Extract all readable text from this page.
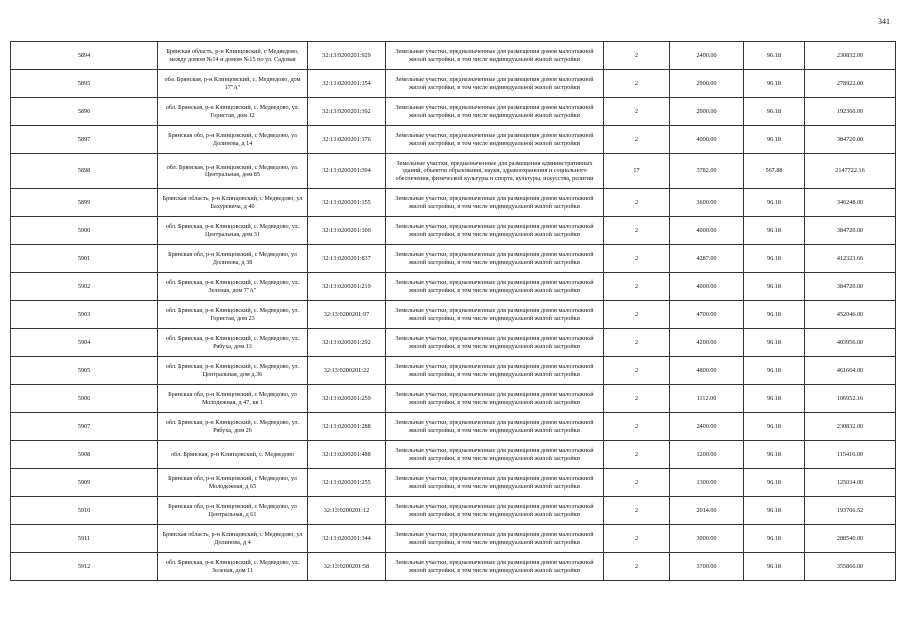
341
5894	Брянская область, р-н Клинцовский, с Медведово, между домом №14 и домом №15 по ул. Садовая	32:13:0200201:929	Земельные участки, предназначенные для размещения домов малоэтажной жилой застройки, в том числе индивидуальной жилой застройки	2	2400.00	96.18	230832.00
5895	обл. Брянская, р-н Клинцовский, с. Медведово, дом 17"А"	32:13:0200201:354	Земельные участки, предназначенные для размещения домов малоэтажной жилой застройки, в том числе индивидуальной жилой застройки	2	2900.00	96.18	278922.00
5896	обл. Брянская, р-н Клинцовский, с. Медведово, ул. Гористая, дом 12	32:13:0200201:392	Земельные участки, предназначенные для размещения домов малоэтажной жилой застройки, в том числе индивидуальной жилой застройки	2	2000.00	96.18	192360.00
5897	Брянская обл, р-н Клинцовский, с Медведово, ул Долинова, д 14	32:13:0200201:176	Земельные участки, предназначенные для размещения домов малоэтажной жилой застройки, в том числе индивидуальной жилой застройки	2	4000.00	96.18	384720.00
5898	обл. Брянская, р-н Клинцовский, с Медведово, ул. Центральная, дом 85	32:13:0200201:394	Земельные участки, предназначенные для размещения административных зданий, объектов образования, науки, здравоохранения и социального обеспечения, физической культуры и спорта, культуры, искусства, религии	17	3782.00	567.88	2147722.16
5899	Брянская область, р-н Клинцовский, с Медведово, ул Бахуревича, д 40	32:13:0200201:155	Земельные участки, предназначенные для размещения домов малоэтажной жилой застройки, в том числе индивидуальной жилой застройки	2	3600.00	96.18	346248.00
5900	обл. Брянская, р-н Клинцовский, с. Медведово, ул. Центральная, дом 31	32:13:0200201:100	Земельные участки, предназначенные для размещения домов малоэтажной жилой застройки, в том числе индивидуальной жилой застройки	2	4000.00	96.18	384720.00
5901	Брянская обл, р-н Клинцовский, с Медведово, ул Долинова, д 38	32:13:0200201:837	Земельные участки, предназначенные для размещения домов малоэтажной жилой застройки, в том числе индивидуальной жилой застройки	2	4287.00	96.18	412323.66
5902	обл. Брянская, р-н Клинцовский, с. Медведово, ул. Зеленая, дом 7"А"	32:13:0200201:219	Земельные участки, предназначенные для размещения домов малоэтажной жилой застройки, в том числе индивидуальной жилой застройки	2	4000.00	96.18	384720.00
5903	обл. Брянская, р-н Клинцовский, с. Медведово, ул. Гористая, дом 23	32:13:0200201:97	Земельные участки, предназначенные для размещения домов малоэтажной жилой застройки, в том числе индивидуальной жилой застройки	2	4700.00	96.18	452046.00
5904	обл. Брянская, р-н Клинцовский, с. Медведово, ул. Рябуха, дом 13	32:13:0200201:292	Земельные участки, предназначенные для размещения домов малоэтажной жилой застройки, в том числе индивидуальной жилой застройки	2	4200.00	96.18	403956.00
5905	обл. Брянская, р-н Клинцовский, с. Медведово, ул. Центральная, дом д.36	32:13:0200201:22	Земельные участки, предназначенные для размещения домов малоэтажной жилой застройки, в том числе индивидуальной жилой застройки	2	4800.00	96.18	461664.00
5906	Брянская обл, р-н Клинцовский, с Медведово, ул Молодежная, д 47, кв 1	32:13:0200201:259	Земельные участки, предназначенные для размещения домов малоэтажной жилой застройки, в том числе индивидуальной жилой застройки	2	1112.00	96.18	106952.16
5907	обл. Брянская, р-н Клинцовский, с. Медведово, ул. Рябуха, дом 26	32:13:0200201:288	Земельные участки, предназначенные для размещения домов малоэтажной жилой застройки, в том числе индивидуальной жилой застройки	2	2400.00	96.18	230832.00
5908	обл. Брянская, р-н Клинцовский, с. Медведово	32:13:0200201:488	Земельные участки, предназначенные для размещения домов малоэтажной жилой застройки, в том числе индивидуальной жилой застройки	2	1200.00	96.18	115416.00
5909	Брянская обл, р-н Клинцовский, с Медведово, ул Молодежная, д 65	32:13:0200201:255	Земельные участки, предназначенные для размещения домов малоэтажной жилой застройки, в том числе индивидуальной жилой застройки	2	1300.00	96.18	125034.00
5910	Брянская обл, р-н Клинцовский, с Медведово, ул Центральная, д 61	32:13:0200201:12	Земельные участки, предназначенные для размещения домов малоэтажной жилой застройки, в том числе индивидуальной жилой застройки	2	2014.00	96.18	193706.52
5911	Брянская область, р-н Клинцовский, с Медведово, ул Долинова, д 4	32:13:0200201:344	Земельные участки, предназначенные для размещения домов малоэтажной жилой застройки, в том числе индивидуальной жилой застройки	2	3000.00	96.18	288540.00
5912	обл. Брянская, р-н Клинцовский, с. Медведово, ул. Зеленая, дом 11	32:13:0200201:58	Земельные участки, предназначенные для размещения домов малоэтажной жилой застройки, в том числе индивидуальной жилой застройки	2	3700.00	96.18	355866.00
